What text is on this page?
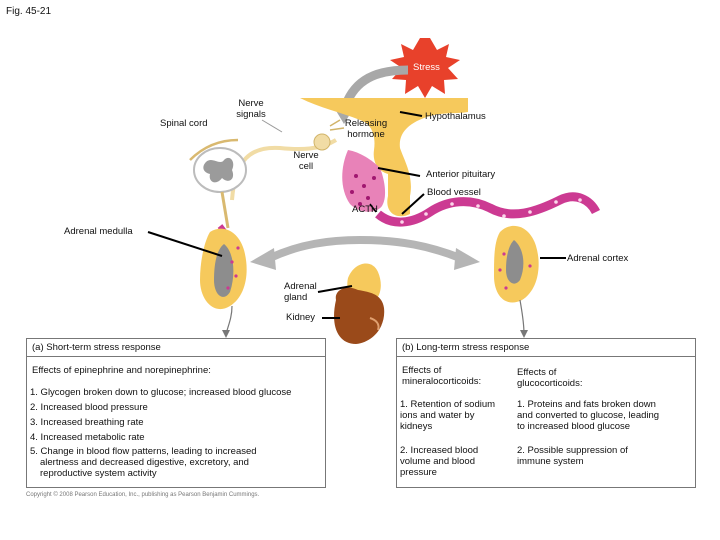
Fig. 45-21
Stress
Spinal cord
Nerve
signals
Releasing
hormone
Hypothalamus
Nerve
cell
Anterior pituitary
Blood vessel
ACTH
Adrenal medulla
Adrenal cortex
Adrenal
gland
Kidney
(a) Short-term stress response
Effects of epinephrine and norepinephrine:
1. Glycogen broken down to glucose; increased blood glucose
2. Increased blood pressure
3. Increased breathing rate
4. Increased metabolic rate
5. Change in blood flow patterns, leading to increased
alertness and decreased digestive, excretory, and
reproductive system activity
(b) Long-term stress response
Effects of
mineralocorticoids:
Effects of
glucocorticoids:
1. Retention of sodium
ions and water by
kidneys
1. Proteins and fats broken down
and converted to glucose, leading
to increased blood glucose
2. Increased blood
volume and blood
pressure
2. Possible suppression of
immune system
Copyright © 2008 Pearson Education, Inc., publishing as Pearson Benjamin Cummings.
